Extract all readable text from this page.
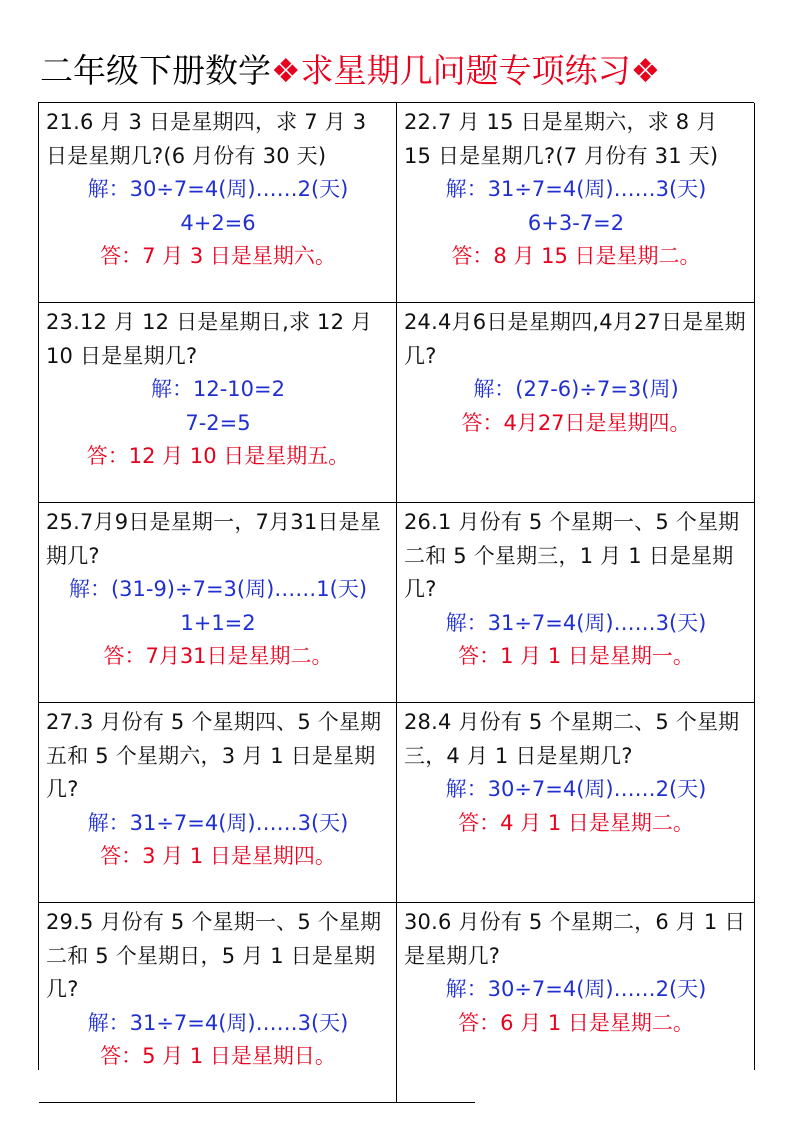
二年级下册数学❖求星期几问题专项练习❖
21.6 月 3 日是星期四，求 7 月 3 日是星期几?(6 月份有 30 天)
解：30÷7=4(周)……2(天)
4+2=6
答：7 月 3 日是星期六。
22.7 月 15 日是星期六，求 8 月 15 日是星期几?(7 月份有 31 天)
解：31÷7=4(周)……3(天)
6+3-7=2
答：8 月 15 日是星期二。
23.12 月 12 日是星期日,求 12 月 10 日是星期几?
解：12-10=2
7-2=5
答：12 月 10 日是星期五。
24.4月6日是星期四,4月27日是星期几?
解：(27-6)÷7=3(周)
答：4月27日是星期四。
25.7月9日是星期一，7月31日是星期几?
解：(31-9)÷7=3(周)……1(天)
1+1=2
答：7月31日是星期二。
26.1 月份有 5 个星期一、5 个星期二和 5 个星期三，1 月 1 日是星期几?
解：31÷7=4(周)……3(天)
答：1 月 1 日是星期一。
27.3 月份有 5 个星期四、5 个星期五和 5 个星期六，3 月 1 日是星期几?
解：31÷7=4(周)……3(天)
答：3 月 1 日是星期四。
28.4 月份有 5 个星期二、5 个星期三，4 月 1 日是星期几?
解：30÷7=4(周)……2(天)
答：4 月 1 日是星期二。
29.5 月份有 5 个星期一、5 个星期二和 5 个星期日，5 月 1 日是星期几?
解：31÷7=4(周)……3(天)
答：5 月 1 日是星期日。
30.6 月份有 5 个星期二，6 月 1 日是星期几?
解：30÷7=4(周)……2(天)
答：6 月 1 日是星期二。
